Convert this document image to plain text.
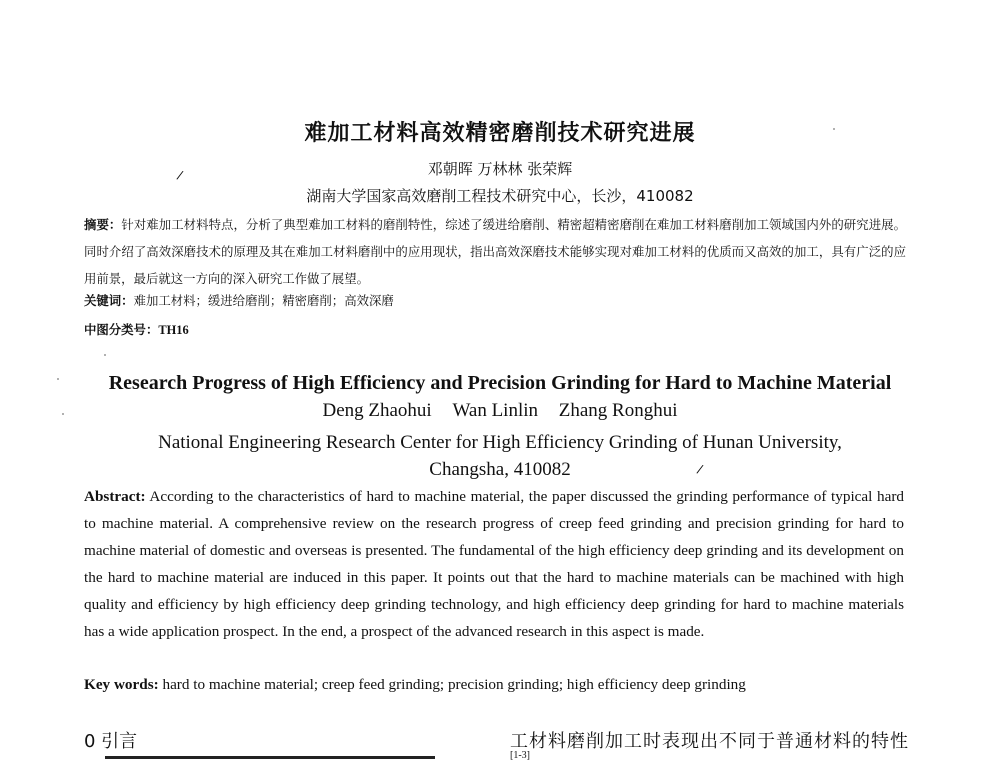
难加工材料高效精密磨削技术研究进展
邓朝晖 万林林 张荣辉
湖南大学国家高效磨削工程技术研究中心，长沙，410082
摘要：针对难加工材料特点，分析了典型难加工材料的磨削特性，综述了缓进给磨削、精密超精密磨削在难加工材料磨削加工领域国内外的研究进展。同时介绍了高效深磨技术的原理及其在难加工材料磨削中的应用现状，指出高效深磨技术能够实现对难加工材料的优质而又高效的加工，具有广泛的应用前景，最后就这一方向的深入研究工作做了展望。
关键词：难加工材料；缓进给磨削；精密磨削；高效深磨
中图分类号：TH16
Research Progress of High Efficiency and Precision Grinding for Hard to Machine Material
Deng Zhaohui Wan Linlin Zhang Ronghui
National Engineering Research Center for High Efficiency Grinding of Hunan University,
Changsha, 410082
Abstract: According to the characteristics of hard to machine material, the paper discussed the grinding performance of typical hard to machine material. A comprehensive review on the research progress of creep feed grinding and precision grinding for hard to machine material of domestic and overseas is presented. The fundamental of the high efficiency deep grinding and its development on the hard to machine material are induced in this paper. It points out that the hard to machine materials can be machined with high quality and efficiency by high efficiency deep grinding technology, and high efficiency deep grinding for hard to machine materials has a wide application prospect. In the end, a prospect of the advanced research in this aspect is made.
Key words: hard to machine material; creep feed grinding; precision grinding; high efficiency deep grinding
0 引言	工材料磨削加工时表现出不同于普通材料的特性
[1-3]
/
/
